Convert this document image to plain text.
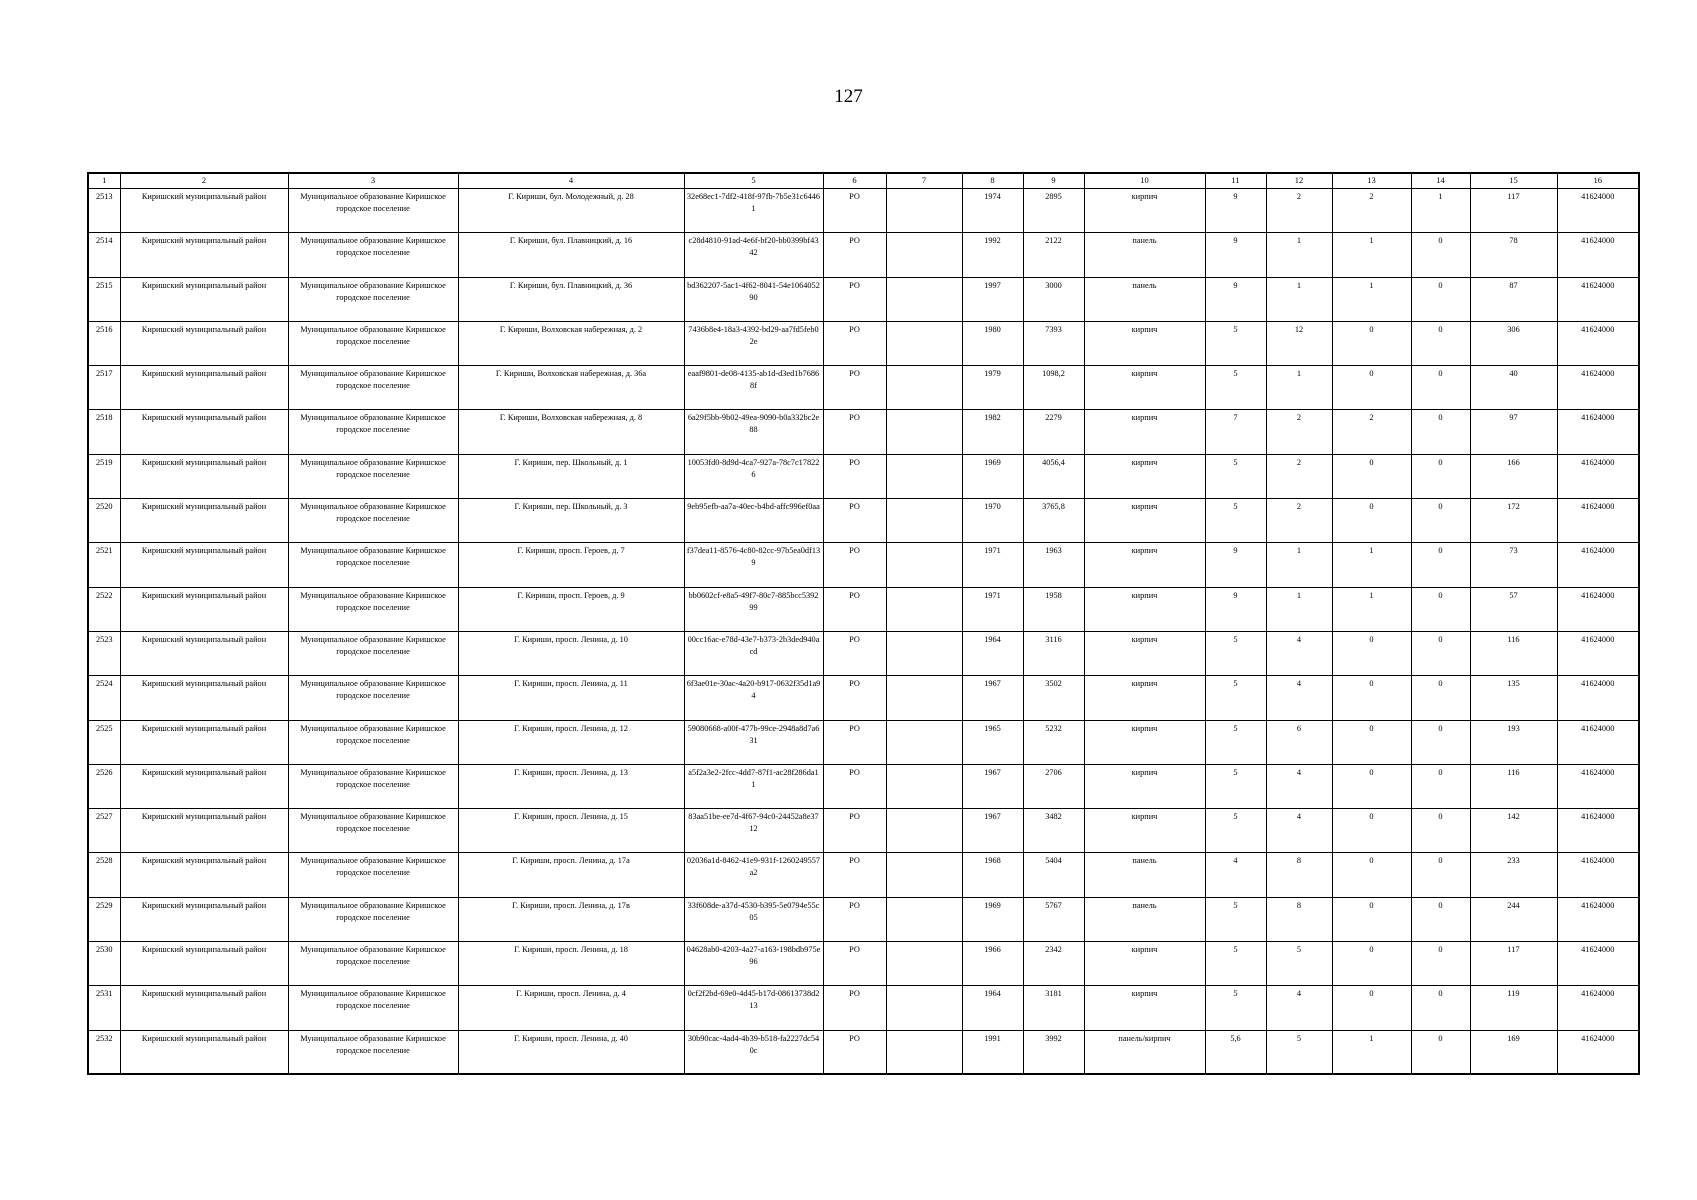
127
1	2	3	4	5	6	7	8	9	10	11	12	13	14	15	16
2513	Киришский муниципальный район	Муниципальное образование Киришское городское поселение	Г. Кириши, бул. Молодежный, д. 28	32e68ec1-7df2-418f-97fb-7b5e31c64461	РО		1974	2895	кирпич	9	2	2	1	117	41624000
2514	Киришский муниципальный район	Муниципальное образование Киришское городское поселение	Г. Кириши, бул. Плавницкий, д. 16	c28d4810-91ad-4e6f-bf20-bb0399bf4342	РО		1992	2122	панель	9	1	1	0	78	41624000
2515	Киришский муниципальный район	Муниципальное образование Киришское городское поселение	Г. Кириши, бул. Плавницкий, д. 36	bd362207-5ac1-4f62-8041-54e106405290	РО		1997	3000	панель	9	1	1	0	87	41624000
2516	Киришский муниципальный район	Муниципальное образование Киришское городское поселение	Г. Кириши, Волховская набережная, д. 2	7436b8e4-18a3-4392-bd29-aa7fd5feb02e	РО		1980	7393	кирпич	5	12	0	0	306	41624000
2517	Киришский муниципальный район	Муниципальное образование Киришское городское поселение	Г. Кириши, Волховская набережная, д. 36а	eaaf9801-de08-4135-ab1d-d3ed1b76868f	РО		1979	1098,2	кирпич	5	1	0	0	40	41624000
2518	Киришский муниципальный район	Муниципальное образование Киришское городское поселение	Г. Кириши, Волховская набережная, д. 8	6a29f5bb-9b02-49ea-9090-b0a332bc2e88	РО		1982	2279	кирпич	7	2	2	0	97	41624000
2519	Киришский муниципальный район	Муниципальное образование Киришское городское поселение	Г. Кириши, пер. Школьный, д. 1	10053fd0-8d9d-4ca7-927a-78c7c178226	РО		1969	4056,4	кирпич	5	2	0	0	166	41624000
2520	Киришский муниципальный район	Муниципальное образование Киришское городское поселение	Г. Кириши, пер. Школьный, д. 3	9eb95efb-aa7a-40ec-b4bd-affc996ef0aa	РО		1970	3765,8	кирпич	5	2	0	0	172	41624000
2521	Киришский муниципальный район	Муниципальное образование Киришское городское поселение	Г. Кириши, просп. Героев, д. 7	f37dea11-8576-4c80-82cc-97b5ea0df139	РО		1971	1963	кирпич	9	1	1	0	73	41624000
2522	Киришский муниципальный район	Муниципальное образование Киришское городское поселение	Г. Кириши, просп. Героев, д. 9	bb0602cf-e8a5-49f7-80c7-885bcc539299	РО		1971	1958	кирпич	9	1	1	0	57	41624000
2523	Киришский муниципальный район	Муниципальное образование Киришское городское поселение	Г. Кириши, просп. Ленина, д. 10	00cc16ac-e78d-43e7-b373-2b3ded940acd	РО		1964	3116	кирпич	5	4	0	0	116	41624000
2524	Киришский муниципальный район	Муниципальное образование Киришское городское поселение	Г. Кириши, просп. Ленина, д. 11	6f3ae01e-30ac-4a20-b917-0632f35d1a94	РО		1967	3502	кирпич	5	4	0	0	135	41624000
2525	Киришский муниципальный район	Муниципальное образование Киришское городское поселение	Г. Кириши, просп. Ленина, д. 12	59080668-a00f-477b-99ce-2948a8d7a631	РО		1965	5232	кирпич	5	6	0	0	193	41624000
2526	Киришский муниципальный район	Муниципальное образование Киришское городское поселение	Г. Кириши, просп. Ленина, д. 13	a5f2a3e2-2fcc-4dd7-87f1-ac28f286da11	РО		1967	2706	кирпич	5	4	0	0	116	41624000
2527	Киришский муниципальный район	Муниципальное образование Киришское городское поселение	Г. Кириши, просп. Ленина, д. 15	83aa51be-ee7d-4f67-94c0-24452a8e3712	РО		1967	3482	кирпич	5	4	0	0	142	41624000
2528	Киришский муниципальный район	Муниципальное образование Киришское городское поселение	Г. Кириши, просп. Ленина, д. 17а	02036a1d-8462-41e9-931f-1260249557a2	РО		1968	5404	панель	4	8	0	0	233	41624000
2529	Киришский муниципальный район	Муниципальное образование Киришское городское поселение	Г. Кириши, просп. Ленина, д. 17в	33f608de-a37d-4530-b395-5e0794e55c05	РО		1969	5767	панель	5	8	0	0	244	41624000
2530	Киришский муниципальный район	Муниципальное образование Киришское городское поселение	Г. Кириши, просп. Ленина, д. 18	04628ab0-4203-4a27-a163-198bdb975e96	РО		1966	2342	кирпич	5	5	0	0	117	41624000
2531	Киришский муниципальный район	Муниципальное образование Киришское городское поселение	Г. Кириши, просп. Ленина, д. 4	0cf2f2bd-69e0-4d45-b17d-08613738d213	РО		1964	3181	кирпич	5	4	0	0	119	41624000
2532	Киришский муниципальный район	Муниципальное образование Киришское городское поселение	Г. Кириши, просп. Ленина, д. 40	30b90cac-4ad4-4b39-b518-fa2227dc540c	РО		1991	3992	панель/кирпич	5,6	5	1	0	169	41624000
